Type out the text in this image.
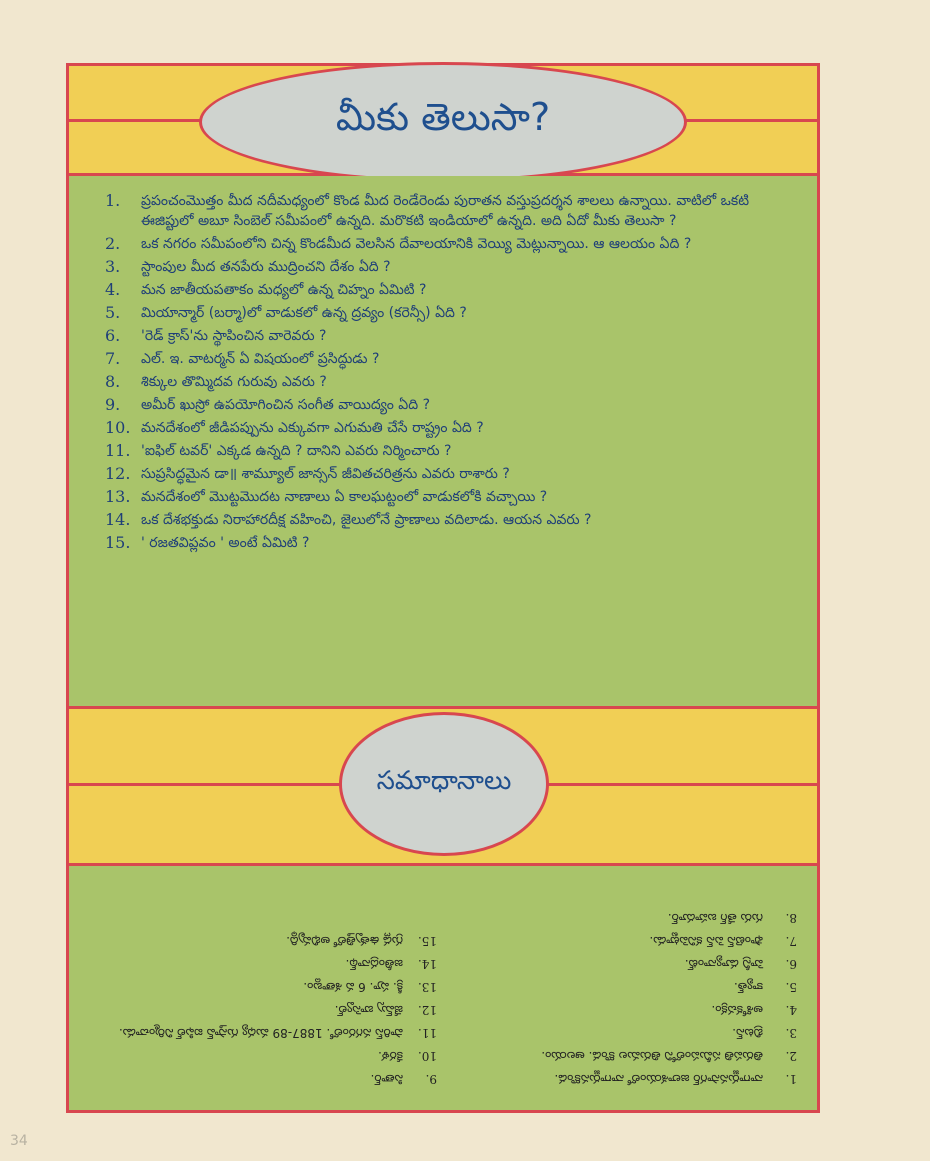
మీకు తెలుసా?
1.	ప్రపంచంమొత్తం మీద నదీమధ్యంలో కొండ మీద రెండేరెండు పురాతన వస్తుప్రదర్శన శాలలు ఉన్నాయి. వాటిలో ఒకటి ఈజిప్టులో అబూ సింబెల్ సమీపంలో ఉన్నది. మరొకటి ఇండియాలో ఉన్నది. అది ఏదో మీకు తెలుసా ?
2.	ఒక నగరం సమీపంలోని చిన్న కొండమీద వెలసిన దేవాలయానికి వెయ్యి మెట్లున్నాయి. ఆ ఆలయం ఏది ?
3.	స్టాంపుల మీద తనపేరు ముద్రించని దేశం ఏది ?
4.	మన జాతీయపతాకం మధ్యలో ఉన్న చిహ్నం ఏమిటి ?
5.	మియాన్మార్ (బర్మా)లో వాడుకలో ఉన్న ద్రవ్యం (కరెన్సీ) ఏది ?
6.	'రెడ్ క్రాస్'ను స్థాపించిన వారెవరు ?
7.	ఎల్. ఇ. వాటర్మన్ ఏ విషయంలో ప్రసిద్ధుడు ?
8.	శిక్కుల తొమ్మిదవ గురువు ఎవరు ?
9.	అమీర్ ఖుస్రో ఉపయోగించిన సంగీత వాయిద్యం ఏది ?
10. మనదేశంలో జీడిపప్పును ఎక్కువగా ఎగుమతి చేసే రాష్ట్రం ఏది ?
11. 'ఐఫిల్ టవర్' ఎక్కడ ఉన్నది ? దానిని ఎవరు నిర్మించారు ?
12. సుప్రసిద్ధమైన డా॥ శామ్యూల్ జాన్సన్ జీవితచరిత్రను ఎవరు రాశారు ?
13. మనదేశంలో మొట్టమొదట నాణాలు ఏ కాలఘట్టంలో వాడుకలోకి వచ్చాయి ?
14. ఒక దేశభక్తుడు నిరాహారదీక్ష వహించి, జైలులోనే ప్రాణాలు వదిలాడు. ఆయన ఎవరు ?
15. ' రజతవిప్లవం ' అంటే ఏమిటి ?
సమాధానాలు
1.
నాగార్జునసాగర్ జలాశయంలో నాగార్జునకొండ.
2.
తిరుపతి సమీపంలోని తిరుమల కొండ. ఆలయం.
3.
బ్రిటన్.
4.
అశోకచక్రం.
5.
క్యాత్.
6.
హెన్రీ డ్యూనాంట్.
7.
ఫౌంటెన్ పెన్ కనిపెట్టాడు.
8.
గురు తేగ్ బహదూర్.
9.
సితార్.
10.
కేరళ.
11.
పారిస్ నగరంలో. 1887-89 మధ్య గుస్తావ్ ఐఫిల్ నిర్మించాడు.
12.
జేమ్స్ బాస్వెల్.
13.
క్రీ. పూ. 6 వ శతాబ్దం.
14.
జతీంద్రనాథ్.
15.
గ్రుడ్ల ఉత్పత్తిలో అభివృద్ధి.
34
